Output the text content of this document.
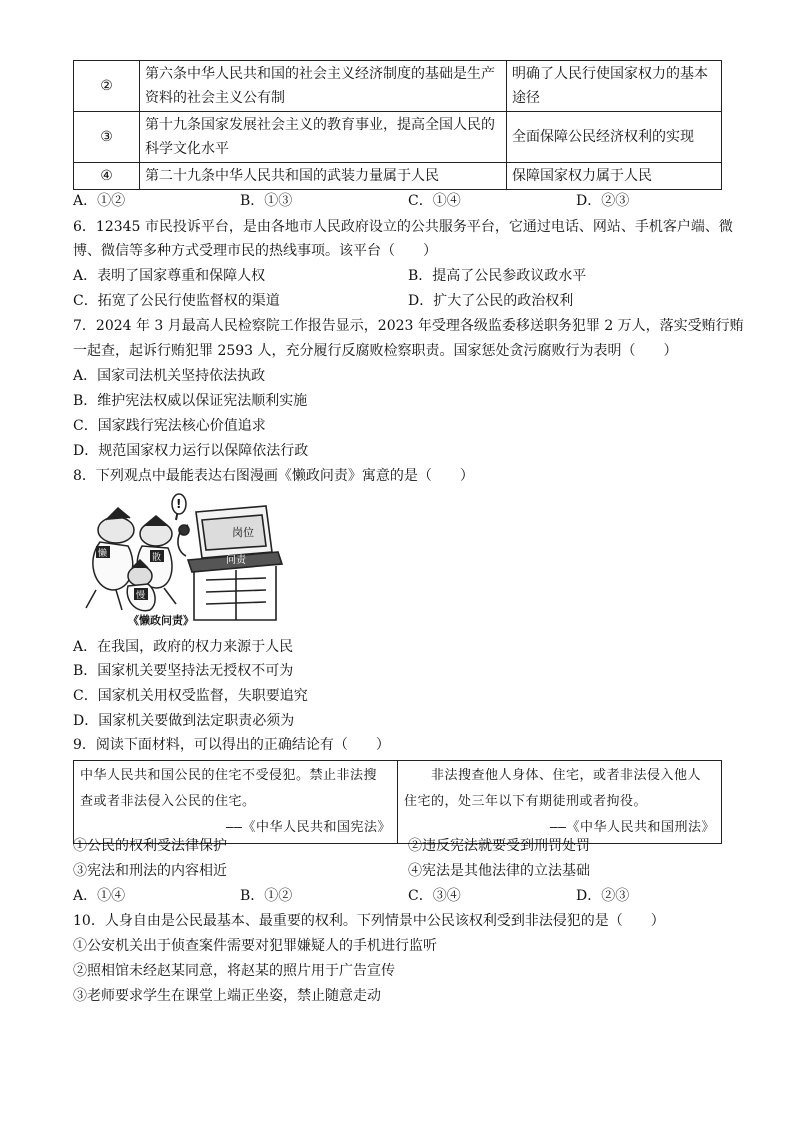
②	第六条中华人民共和国的社会主义经济制度的基础是生产
资料的社会主义公有制	明确了人民行使国家权力的基本
途径
③	第十九条国家发展社会主义的教育事业，提高全国人民的
科学文化水平	全面保障公民经济权利的实现
④	第二十九条中华人民共和国的武装力量属于人民	保障国家权力属于人民
A．①②	B．①③	C．①④	D．②③
6．12345 市民投诉平台，是由各地市人民政府设立的公共服务平台，它通过电话、网站、手机客户端、微
博、微信等多种方式受理市民的热线事项。该平台（　　）
A．表明了国家尊重和保障人权	B．提高了公民参政议政水平
C．拓宽了公民行使监督权的渠道	D．扩大了公民的政治权利
7．2024 年 3 月最高人民检察院工作报告显示，2023 年受理各级监委移送职务犯罪 2 万人，落实受贿行贿
一起查，起诉行贿犯罪 2593 人，充分履行反腐败检察职责。国家惩处贪污腐败行为表明（　　）
A．国家司法机关坚持依法执政
B．维护宪法权威以保证宪法顺利实施
C．国家践行宪法核心价值追求
D．规范国家权力运行以保障依法行政
8．下列观点中最能表达右图漫画《懒政问责》寓意的是（　　）
岗位
问责
懒	散
慢
!
《懒政问责》
A．在我国，政府的权力来源于人民
B．国家机关要坚持法无授权不可为
C．国家机关用权受监督，失职要追究
D．国家机关要做到法定职责必须为
9．阅读下面材料，可以得出的正确结论有（　　）
中华人民共和国公民的住宅不受侵犯。禁止非法搜
查或者非法侵入公民的住宅。

——《中华人民共和国宪法》
	　　非法搜查他人身体、住宅，或者非法侵入他人
住宅的，处三年以下有期徒刑或者拘役。

——《中华人民共和国刑法》
①公民的权利受法律保护	②违反宪法就要受到刑罚处罚
③宪法和刑法的内容相近	④宪法是其他法律的立法基础
A．①④	B．①②	C．③④	D．②③
10．人身自由是公民最基本、最重要的权利。下列情景中公民该权利受到非法侵犯的是（　　）
①公安机关出于侦查案件需要对犯罪嫌疑人的手机进行监听
②照相馆未经赵某同意，将赵某的照片用于广告宣传
③老师要求学生在课堂上端正坐姿，禁止随意走动
